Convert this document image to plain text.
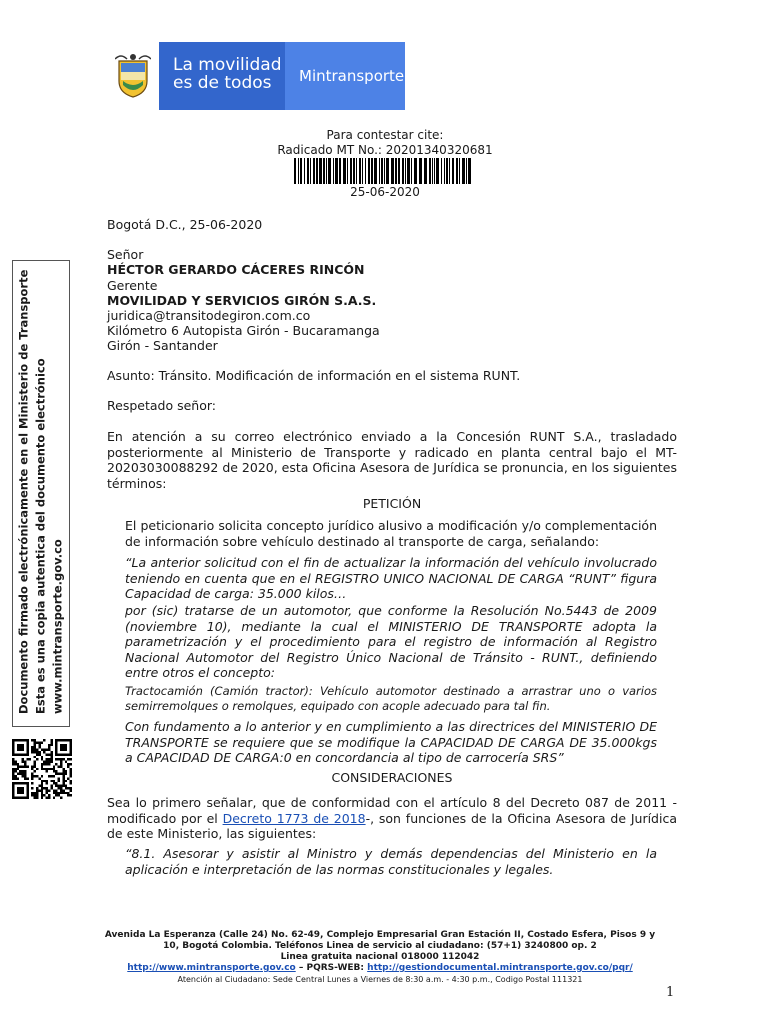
La movilidad
es de todos	Mintransporte
Para contestar cite:
Radicado MT No.: 20201340320681
25-06-2020
Bogotá D.C., 25-06-2020
Señor
HÉCTOR GERARDO CÁCERES RINCÓN
Gerente
MOVILIDAD Y SERVICIOS GIRÓN S.A.S.
juridica@transitodegiron.com.co
Kilómetro 6 Autopista Girón - Bucaramanga
Girón - Santander
Asunto: Tránsito. Modificación de información en el sistema RUNT.
Respetado señor:
En atención a su correo electrónico enviado a la Concesión RUNT S.A., trasladado posteriormente al Ministerio de Transporte y radicado en planta central bajo el MT-20203030088292 de 2020, esta Oficina Asesora de Jurídica se pronuncia, en los siguientes términos:
PETICIÓN
El peticionario solicita concepto jurídico alusivo a modificación y/o complementación de información sobre vehículo destinado al transporte de carga, señalando:
“La anterior solicitud con el fin de actualizar la información del vehículo involucrado teniendo en cuenta que en el REGISTRO UNICO NACIONAL DE CARGA “RUNT” figura Capacidad de carga: 35.000 kilos…
por (sic) tratarse de un automotor, que conforme la Resolución No.5443 de 2009 (noviembre 10), mediante la cual el MINISTERIO DE TRANSPORTE adopta la parametrización y el procedimiento para el registro de información al Registro Nacional Automotor del Registro Único Nacional de Tránsito - RUNT., definiendo entre otros el concepto:
Tractocamión (Camión tractor): Vehículo automotor destinado a arrastrar uno o varios semirremolques o remolques, equipado con acople adecuado para tal fin.
Con fundamento a lo anterior y en cumplimiento a las directrices del MINISTERIO DE TRANSPORTE se requiere que se modifique la CAPACIDAD DE CARGA DE 35.000kgs a CAPACIDAD DE CARGA:0 en concordancia al tipo de carrocería SRS”
CONSIDERACIONES
Sea lo primero señalar, que de conformidad con el artículo 8 del Decreto 087 de 2011 -modificado por el Decreto 1773 de 2018-, son funciones de la Oficina Asesora de Jurídica de este Ministerio, las siguientes:
“8.1. Asesorar y asistir al Ministro y demás dependencias del Ministerio en la aplicación e interpretación de las normas constitucionales y legales.
Documento firmado electrónicamente en el Ministerio de Transporte Esta es una copia autentica del documento electrónico www.mintransporte.gov.co
Avenida La Esperanza (Calle 24) No. 62-49, Complejo Empresarial Gran Estación II, Costado Esfera, Pisos 9 y
10, Bogotá Colombia. Teléfonos Linea de servicio al ciudadano: (57+1) 3240800 op. 2
Linea gratuita nacional 018000 112042
http://www.mintransporte.gov.co – PQRS-WEB: http://gestiondocumental.mintransporte.gov.co/pqr/
Atención al Ciudadano: Sede Central Lunes a Viernes de 8:30 a.m. - 4:30 p.m., Codigo Postal 111321
1
